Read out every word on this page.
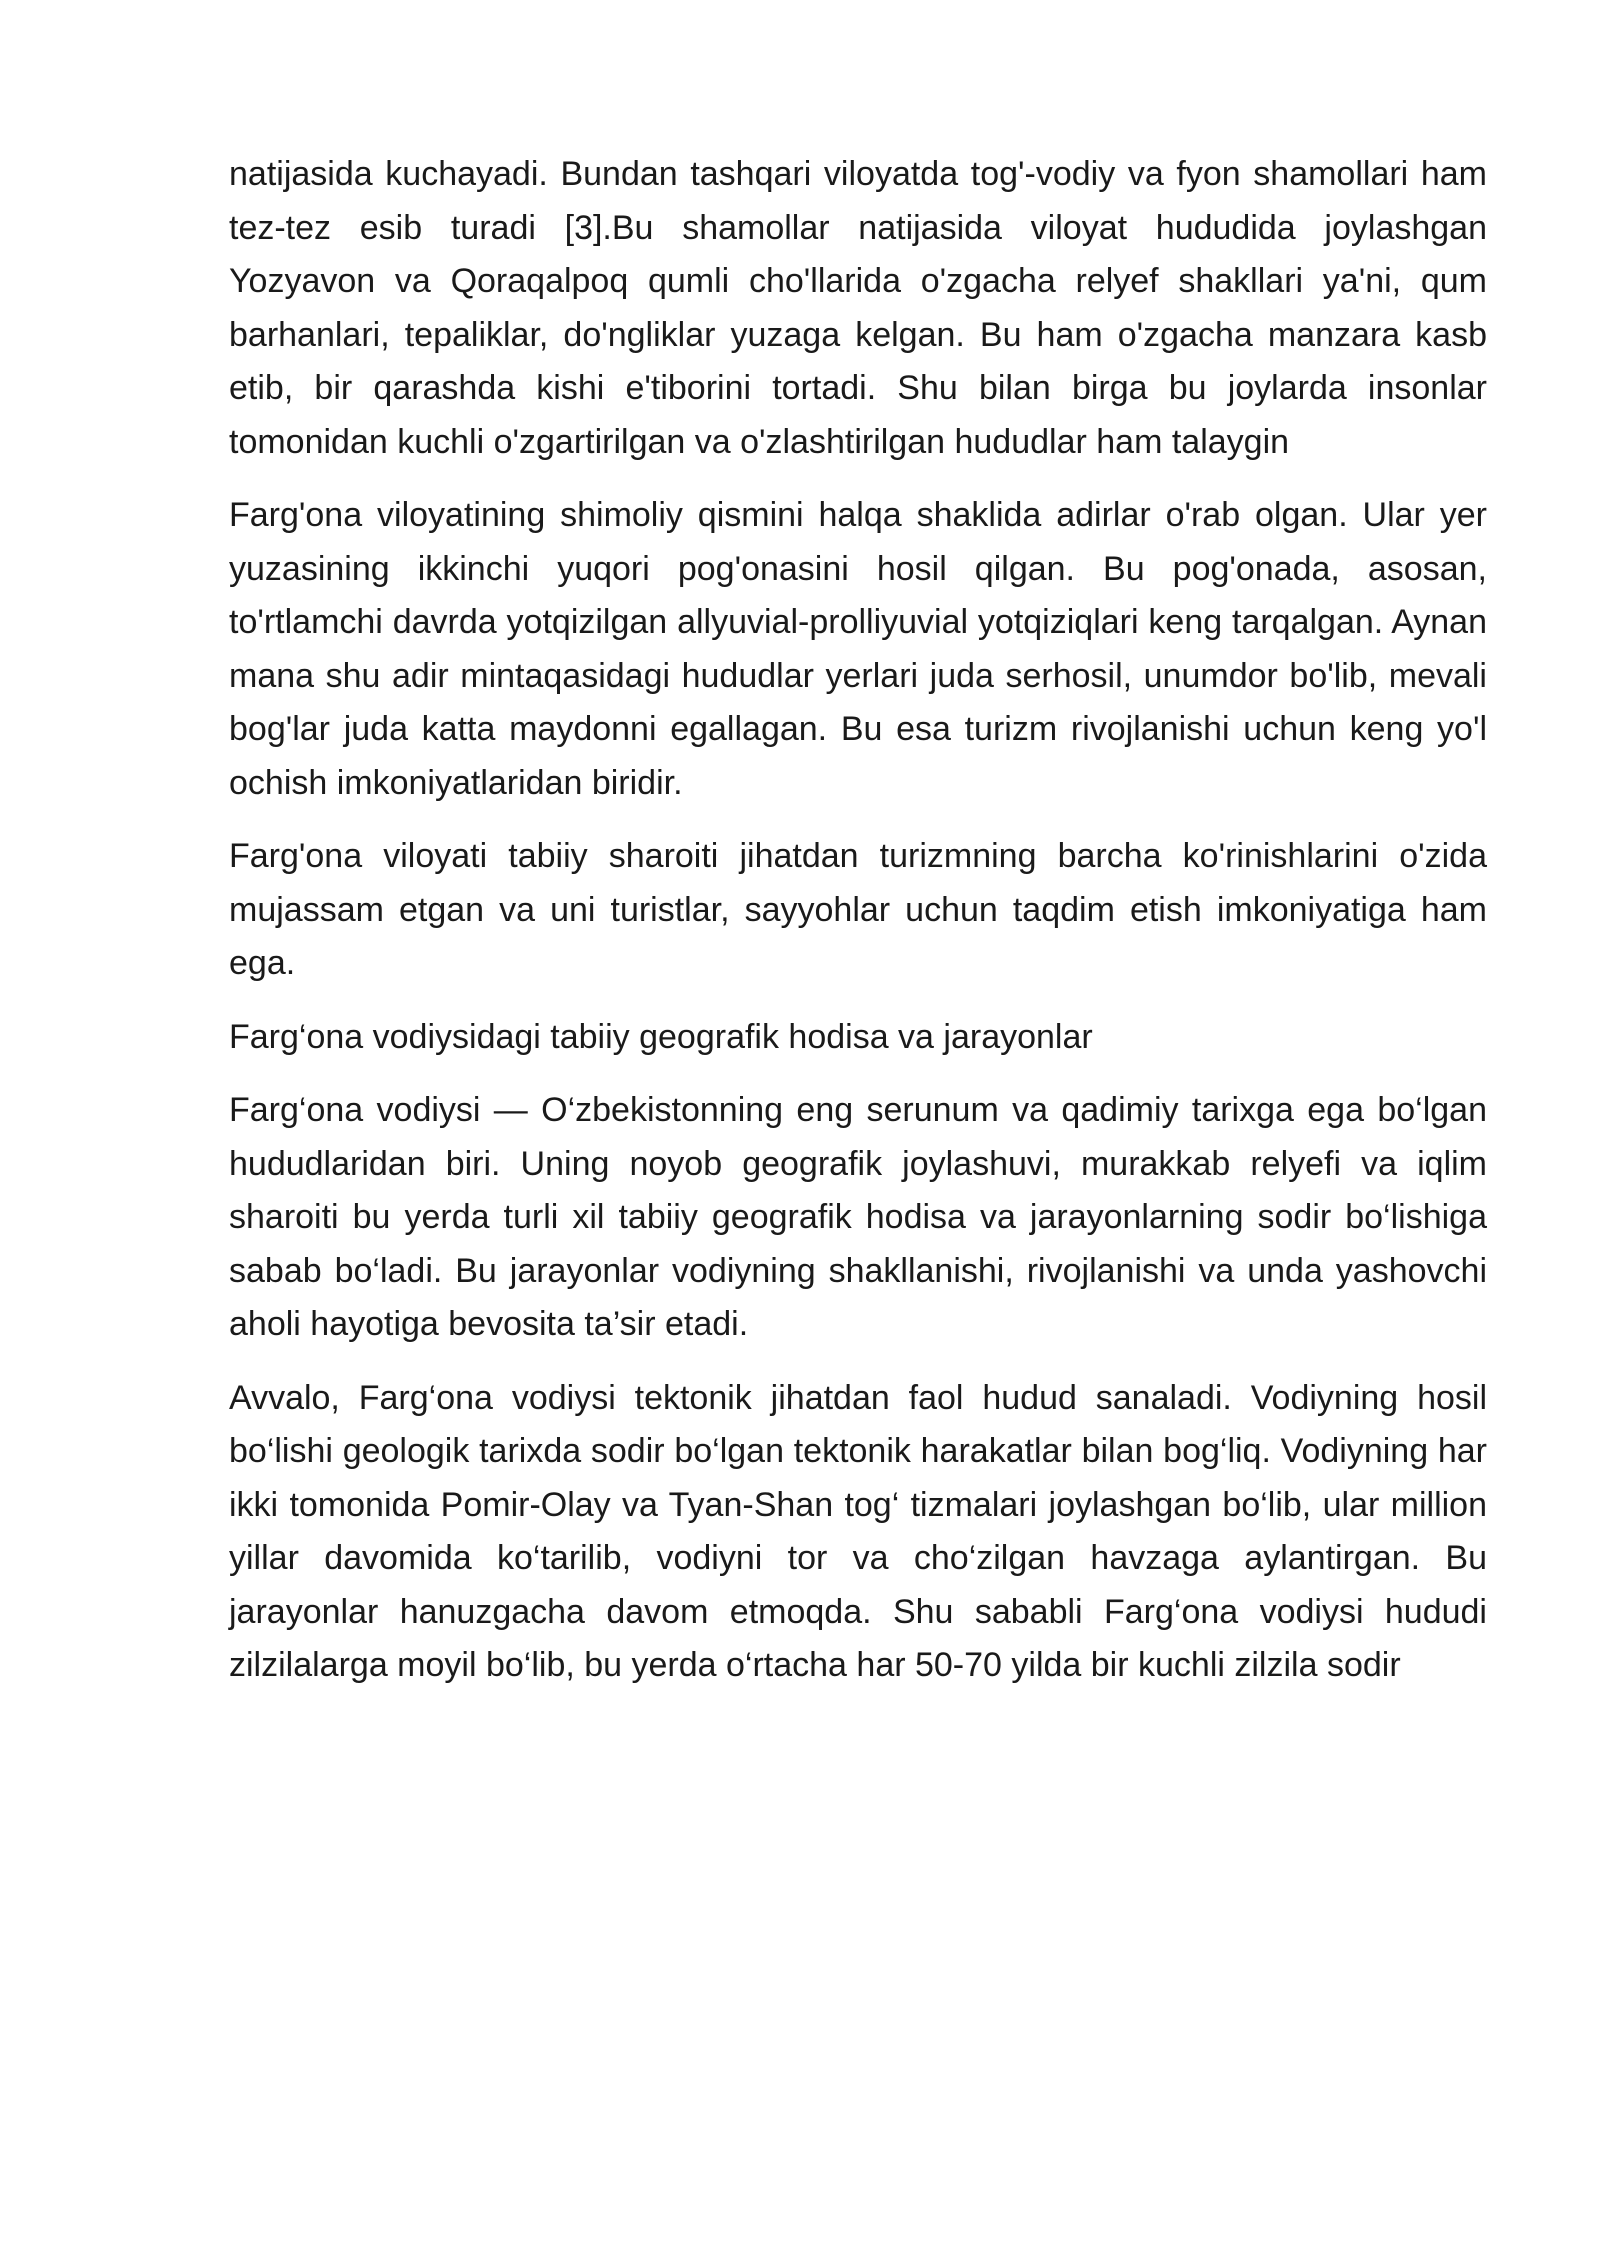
natijasida kuchayadi. Bundan tashqari viloyatda tog'-vodiy va fyon shamollari ham tez-tez esib turadi [3].Bu shamollar natijasida viloyat hududida joylashgan Yozyavon va Qoraqalpoq qumli cho'llarida o'zgacha relyef shakllari ya'ni, qum barhanlari, tepaliklar, do'ngliklar yuzaga kelgan. Bu ham o'zgacha manzara kasb etib, bir qarashda kishi e'tiborini tortadi. Shu bilan birga bu joylarda insonlar tomonidan kuchli o'zgartirilgan va o'zlashtirilgan hududlar ham talaygin

Farg'ona viloyatining shimoliy qismini halqa shaklida adirlar o'rab olgan. Ular yer yuzasining ikkinchi yuqori pog'onasini hosil qilgan. Bu pog'onada, asosan, to'rtlamchi davrda yotqizilgan allyuvial-prolliyuvial yotqiziqlari keng tarqalgan. Aynan mana shu adir mintaqasidagi hududlar yerlari juda serhosil, unumdor bo'lib, mevali bog'lar juda katta maydonni egallagan. Bu esa turizm rivojlanishi uchun keng yo'l ochish imkoniyatlaridan biridir.

Farg'ona viloyati tabiiy sharoiti jihatdan turizmning barcha ko'rinishlarini o'zida mujassam etgan va uni turistlar, sayyohlar uchun taqdim etish imkoniyatiga ham ega.

Farg‘ona vodiysidagi tabiiy geografik hodisa va jarayonlar

Farg‘ona vodiysi — O‘zbekistonning eng serunum va qadimiy tarixga ega bo‘lgan hududlaridan biri. Uning noyob geografik joylashuvi, murakkab relyefi va iqlim sharoiti bu yerda turli xil tabiiy geografik hodisa va jarayonlarning sodir bo‘lishiga sabab bo‘ladi. Bu jarayonlar vodiyning shakllanishi, rivojlanishi va unda yashovchi aholi hayotiga bevosita ta’sir etadi.

Avvalo, Farg‘ona vodiysi tektonik jihatdan faol hudud sanaladi. Vodiyning hosil bo‘lishi geologik tarixda sodir bo‘lgan tektonik harakatlar bilan bog‘liq. Vodiyning har ikki tomonida Pomir-Olay va Tyan-Shan tog‘ tizmalari joylashgan bo‘lib, ular million yillar davomida ko‘tarilib, vodiyni tor va cho‘zilgan havzaga aylantirgan. Bu jarayonlar hanuzgacha davom etmoqda. Shu sababli Farg‘ona vodiysi hududi zilzilalarga moyil bo‘lib, bu yerda o‘rtacha har 50-70 yilda bir kuchli zilzila sodir
